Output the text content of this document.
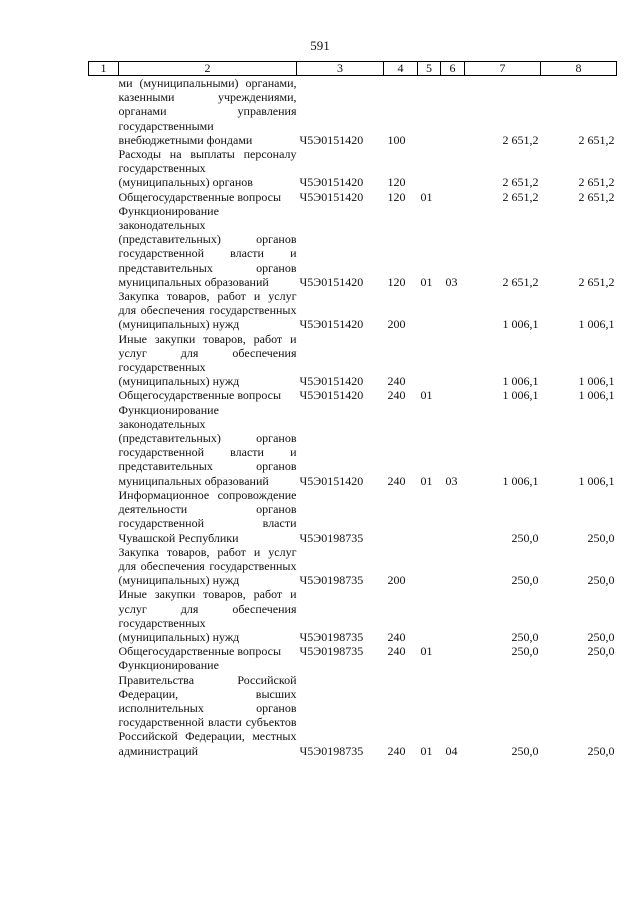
591
1	2	3	4	5	6	7	8
	ми (муниципальными) органами, казенными учреждениями, органами управления государственными внебюджетными фондами	Ч5Э0151420	100			2 651,2	2 651,2
	Расходы на выплаты персоналу государственных (муниципальных) органов	Ч5Э0151420	120			2 651,2	2 651,2
	Общегосударственные вопросы	Ч5Э0151420	120	01		2 651,2	2 651,2
	Функционирование законодательных (представительных) органов государственной власти и представительных органов муниципальных образований	Ч5Э0151420	120	01	03	2 651,2	2 651,2
	Закупка товаров, работ и услуг для обеспечения государственных (муниципальных) нужд	Ч5Э0151420	200			1 006,1	1 006,1
	Иные закупки товаров, работ и услуг для обеспечения государственных (муниципальных) нужд	Ч5Э0151420	240			1 006,1	1 006,1
	Общегосударственные вопросы	Ч5Э0151420	240	01		1 006,1	1 006,1
	Функционирование законодательных (представительных) органов государственной власти и представительных органов муниципальных образований	Ч5Э0151420	240	01	03	1 006,1	1 006,1
	Информационное сопровождение деятельности органов государственной власти Чувашской Республики	Ч5Э0198735				250,0	250,0
	Закупка товаров, работ и услуг для обеспечения государственных (муниципальных) нужд	Ч5Э0198735	200			250,0	250,0
	Иные закупки товаров, работ и услуг для обеспечения государственных (муниципальных) нужд	Ч5Э0198735	240			250,0	250,0
	Общегосударственные вопросы	Ч5Э0198735	240	01		250,0	250,0
	Функционирование Правительства Российской Федерации, высших исполнительных органов государственной власти субъектов Российской Федерации, местных администраций	Ч5Э0198735	240	01	04	250,0	250,0
